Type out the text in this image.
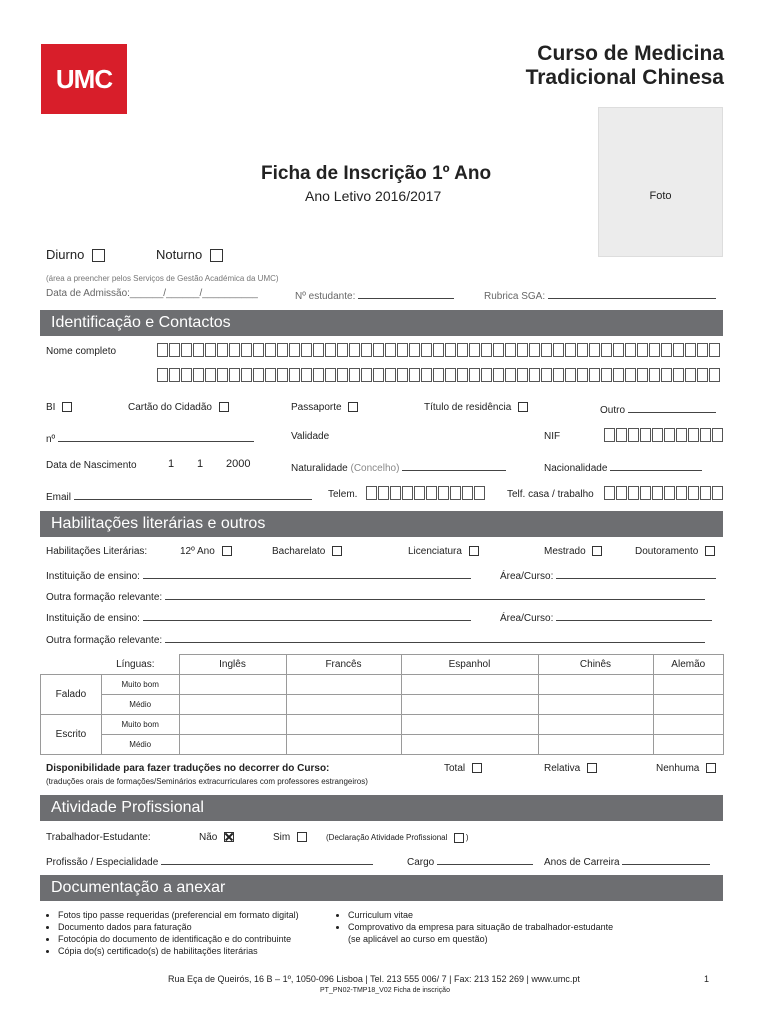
UMC
Curso de Medicina
Tradicional Chinesa
Foto
Ficha de Inscrição 1º Ano
Ano Letivo 2016/2017
Diurno	Noturno
(área a preencher pelos Serviços de Gestão Académica da UMC)
Data de Admissão:______/______/__________	Nº estudante:	Rubrica SGA:
Identificação e Contactos
Nome completo
BI	Cartão do Cidadão	Passaporte	Título de residência	Outro
nº	Validade	NIF
Data de Nascimento	1 1 2000	Naturalidade (Concelho)	Nacionalidade
Email	Telem.	Telf. casa / trabalho
Habilitações literárias e outros
Habilitações Literárias:	12º Ano	Bacharelato	Licenciatura	Mestrado	Doutoramento
Instituição de ensino:	Área/Curso:
Outra formação relevante:
Instituição de ensino:	Área/Curso:
Outra formação relevante:
Línguas:		Inglês	Francês	Espanhol	Chinês	Alemão
Falado	Muito bom					
	Médio					
Escrito	Muito bom					
	Médio					
Disponibilidade para fazer traduções no decorrer do Curso:
(traduções orais de formações/Seminários extracurriculares com professores estrangeiros)
Total	Relativa	Nenhuma
Atividade Profissional
Trabalhador-Estudante:	Não	Sim	(Declaração Atividade Profissional )
Profissão / Especialidade	Cargo	Anos de Carreira
Documentação a anexar
• Fotos tipo passe requeridas (preferencial em formato digital)
• Documento dados para faturação
• Fotocópia do documento de identificação e do contribuinte
• Cópia do(s) certificado(s) de habilitações literárias
• Curriculum vitae
• Comprovativo da empresa para situação de trabalhador-estudante
(se aplicável ao curso em questão)
Rua Eça de Queirós, 16 B – 1º, 1050-096 Lisboa | Tel. 213 555 006/ 7 | Fax: 213 152 269 | www.umc.pt	1
PT_PN02-TMP18_V02 Ficha de inscrição
